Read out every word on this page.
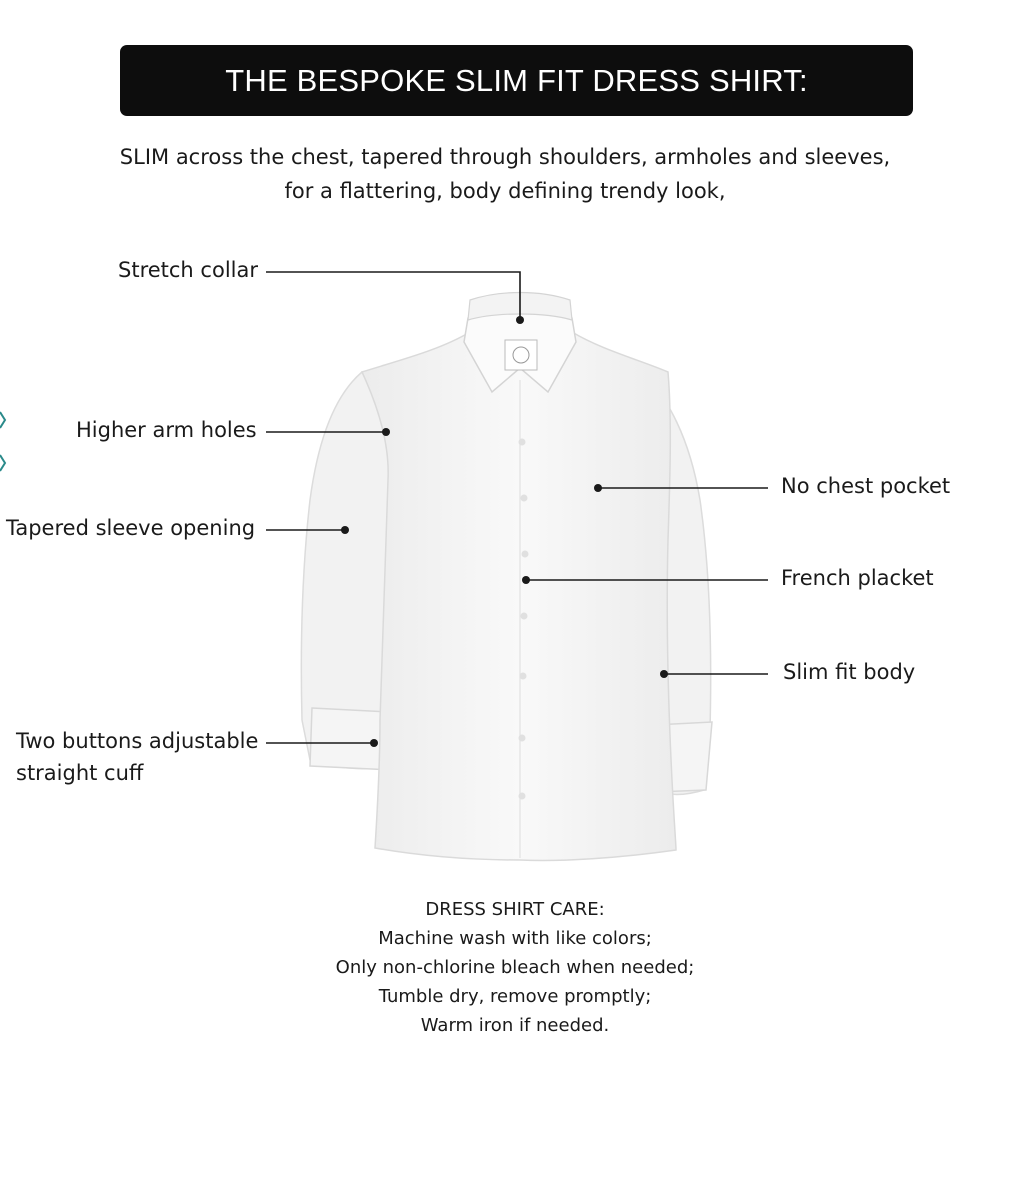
THE BESPOKE SLIM FIT DRESS SHIRT:
SLIM across the chest, tapered through shoulders, armholes and sleeves,
for a flattering, body defining trendy look,
Stretch collar
Higher arm holes
Tapered sleeve opening
Two buttons adjustable
straight cuff
No chest pocket
French placket
Slim fit body
DRESS SHIRT CARE:
Machine wash with like colors;
Only non-chlorine bleach when needed;
Tumble dry, remove promptly;
Warm iron if needed.
